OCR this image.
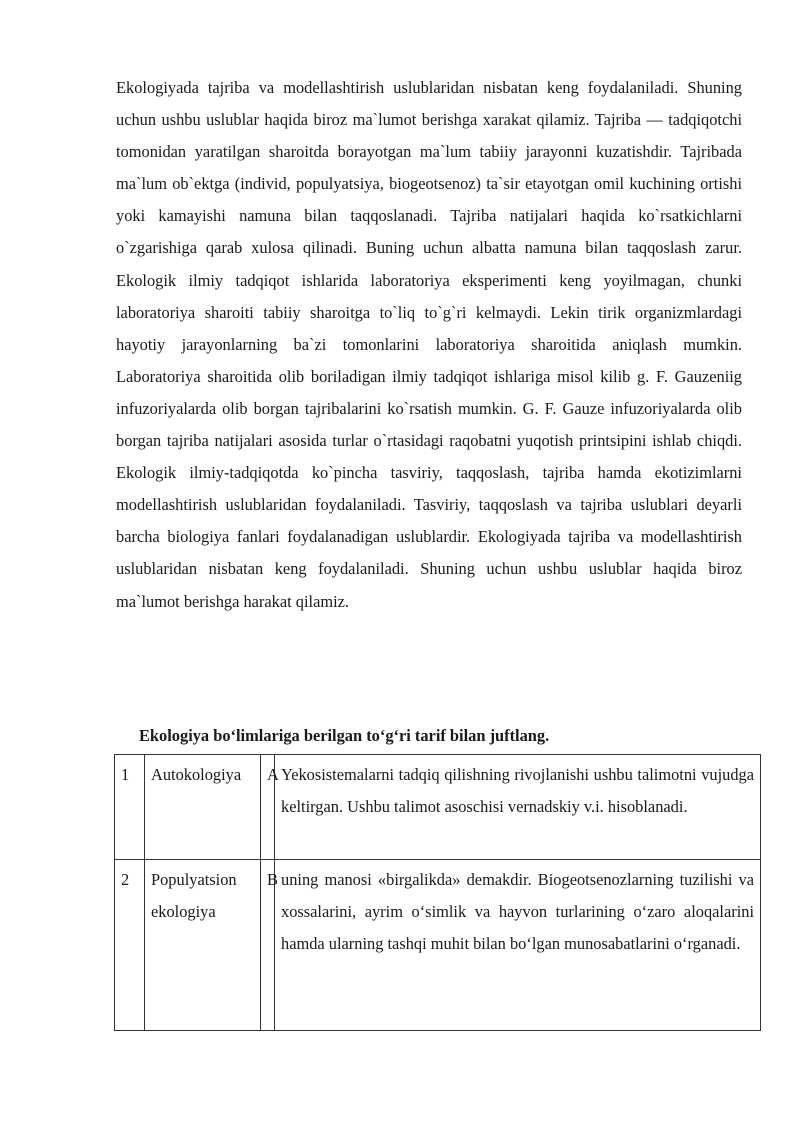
Ekologiyada tajriba va modellashtirish uslublaridan nisbatan keng foydalaniladi. Shuning uchun ushbu uslublar haqida biroz ma`lumot berishga xarakat qilamiz. Tajriba — tadqiqotchi tomonidan yaratilgan sharoitda borayotgan ma`lum tabiiy jarayonni kuzatishdir. Tajribada ma`lum ob`ektga (individ, populyatsiya, biogeotsenoz) ta`sir etayotgan omil kuchining ortishi yoki kamayishi namuna bilan taqqoslanadi. Tajriba natijalari haqida ko`rsatkichlarni o`zgarishiga qarab xulosa qilinadi. Buning uchun albatta namuna bilan taqqoslash zarur. Ekologik ilmiy tadqiqot ishlarida laboratoriya eksperimenti keng yoyilmagan, chunki laboratoriya sharoiti tabiiy sharoitga to`liq to`g`ri kelmaydi. Lekin tirik organizmlardagi hayotiy jarayonlarning ba`zi tomonlarini laboratoriya sharoitida aniqlash mumkin. Laboratoriya sharoitida olib boriladigan ilmiy tadqiqot ishlariga misol kilib g. F. Gauzeniig infuzoriyalarda olib borgan tajribalarini ko`rsatish mumkin. G. F. Gauze infuzoriyalarda olib borgan tajriba natijalari asosida turlar o`rtasidagi raqobatni yuqotish printsipini ishlab chiqdi. Ekologik ilmiy-tadqiqotda ko`pincha tasviriy, taqqoslash, tajriba hamda ekotizimlarni modellashtirish uslublaridan foydalaniladi. Tasviriy, taqqoslash va tajriba uslublari deyarli barcha biologiya fanlari foydalanadigan uslublardir. Ekologiyada tajriba va modellashtirish uslublaridan nisbatan keng foydalaniladi. Shuning uchun ushbu uslublar haqida biroz ma`lumot berishga harakat qilamiz.

Ekologiya bo‘limlariga berilgan to‘g‘ri tarif bilan juftlang.

1	Autokologiya	A	Yekosistemalarni tadqiq qilishning rivojlanishi ushbu talimotni vujudga keltirgan. Ushbu talimot asoschisi vernadskiy v.i. hisoblanadi.
2	Populyatsion ekologiya	B	uning manosi «birgalikda» demakdir. Biogeotsenozlarning tuzilishi va xossalarini, ayrim o‘simlik va hayvon turlarining o‘zaro aloqalarini hamda ularning tashqi muhit bilan bo‘lgan munosabatlarini o‘rganadi.
